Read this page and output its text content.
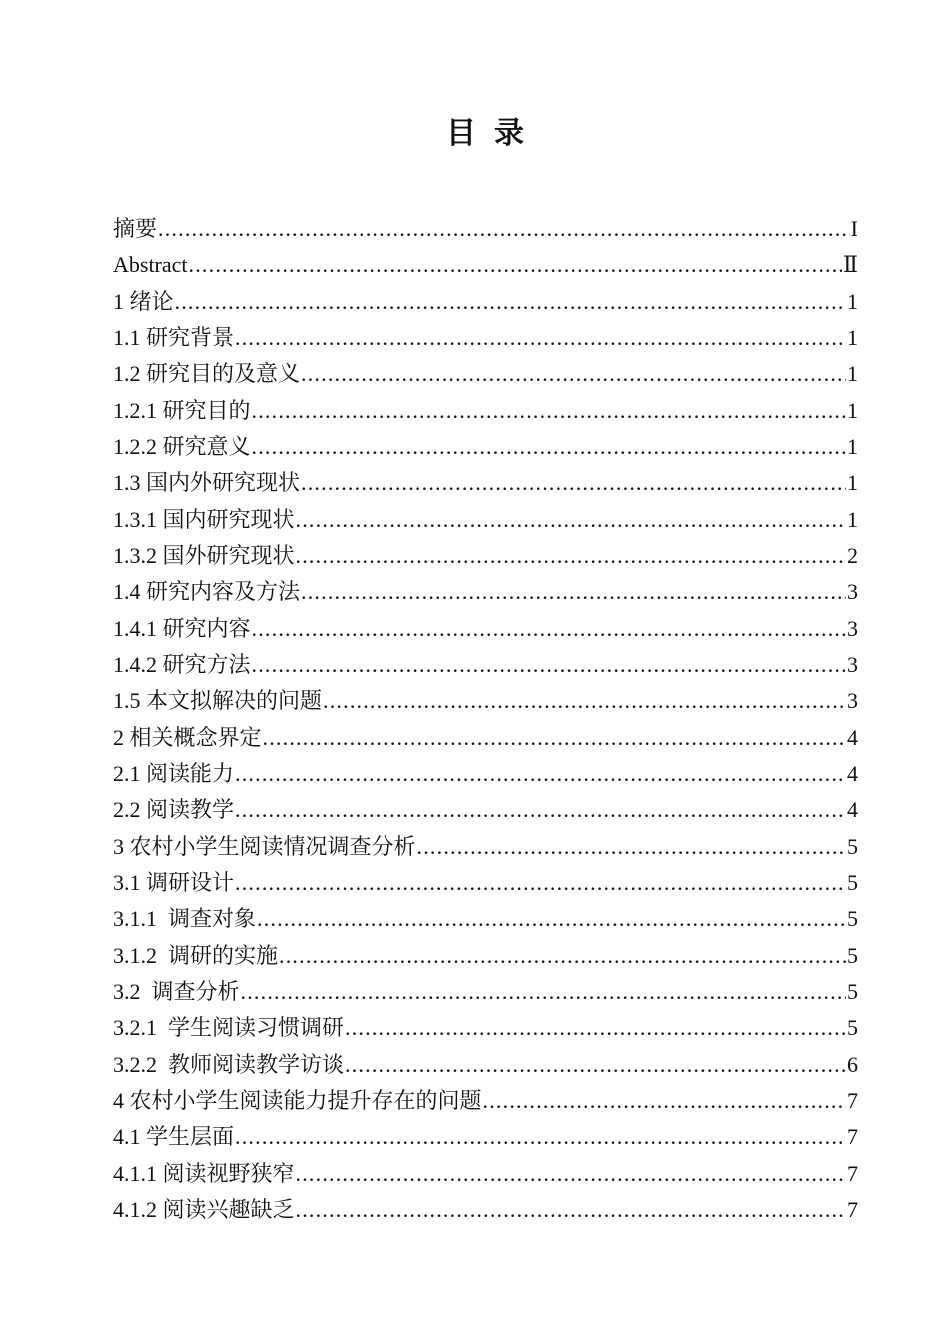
目  录
摘要 .....	I
Abstract .....	Ⅱ
1 绪论 .....	1
1.1 研究背景 .....	1
1.2 研究目的及意义 .....	1
1.2.1 研究目的 .....	1
1.2.2 研究意义 .....	1
1.3 国内外研究现状 .....	1
1.3.1 国内研究现状 .....	1
1.3.2 国外研究现状 .....	2
1.4 研究内容及方法 .....	3
1.4.1 研究内容 .....	3
1.4.2 研究方法 .....	3
1.5 本文拟解决的问题 .....	3
2 相关概念界定 .....	4
2.1 阅读能力 .....	4
2.2 阅读教学 .....	4
3 农村小学生阅读情况调查分析 .....	5
3.1 调研设计 .....	5
3.1.1  调查对象 .....	5
3.1.2  调研的实施 .....	5
3.2  调查分析 .....	5
3.2.1  学生阅读习惯调研 .....	5
3.2.2  教师阅读教学访谈 .....	6
4 农村小学生阅读能力提升存在的问题 .....	7
4.1 学生层面 .....	7
4.1.1 阅读视野狭窄 .....	7
4.1.2 阅读兴趣缺乏 .....	7
